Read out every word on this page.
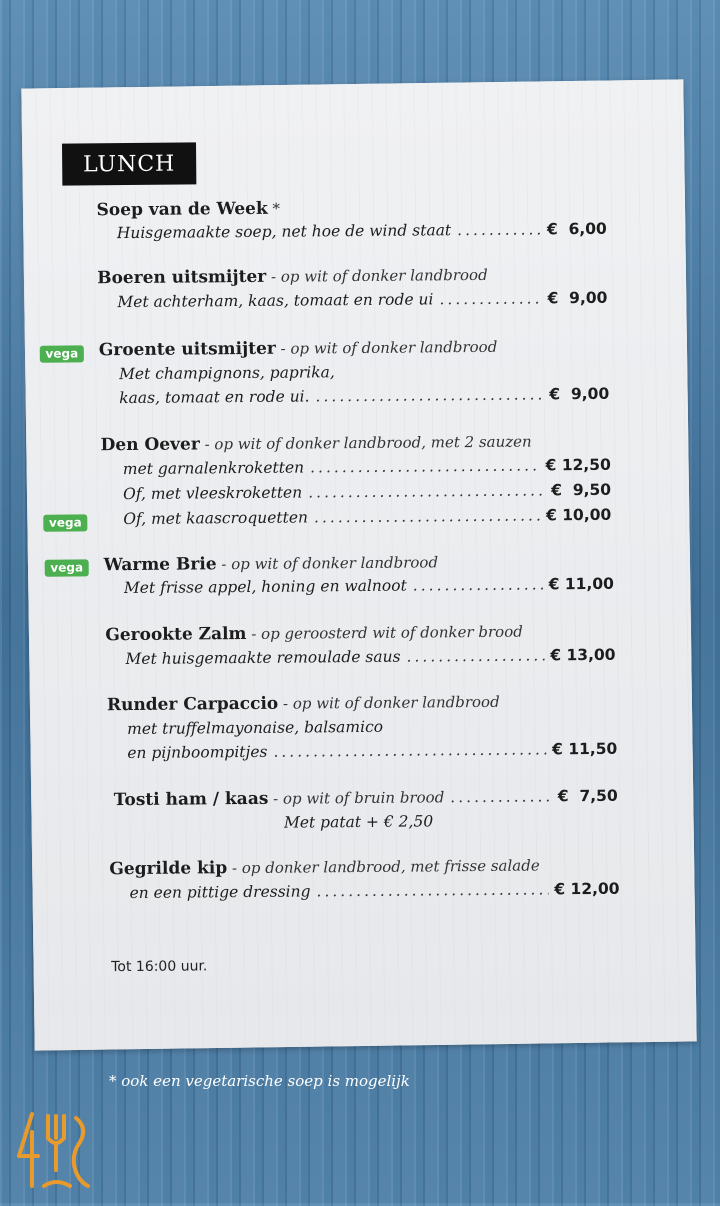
LUNCH
Soep van de Week *
Huisgemaakte soep, net hoe de wind staat .....	€  6,00
Boeren uitsmijter - op wit of donker landbrood
Met achterham, kaas, tomaat en rode ui .....	€  9,00
vega	Groente uitsmijter - op wit of donker landbrood
Met champignons, paprika,
kaas, tomaat en rode ui. .....	€  9,00
Den Oever - op wit of donker landbrood, met 2 sauzen
met garnalenkroketten .....	€ 12,50
Of, met vleeskroketten .....	€  9,50
vega	Of, met kaascroquetten .....	€ 10,00
vega	Warme Brie - op wit of donker landbrood
Met frisse appel, honing en walnoot .....	€ 11,00
Gerookte Zalm - op geroosterd wit of donker brood
Met huisgemaakte remoulade saus .....	€ 13,00
Runder Carpaccio - op wit of donker landbrood
met truffelmayonaise, balsamico
en pijnboompitjes .....	€ 11,50
Tosti ham / kaas - op wit of bruin brood .....	€  7,50
Met patat + € 2,50
Gegrilde kip - op donker landbrood, met frisse salade
en een pittige dressing .....	€ 12,00
Tot 16:00 uur.
* ook een vegetarische soep is mogelijk
